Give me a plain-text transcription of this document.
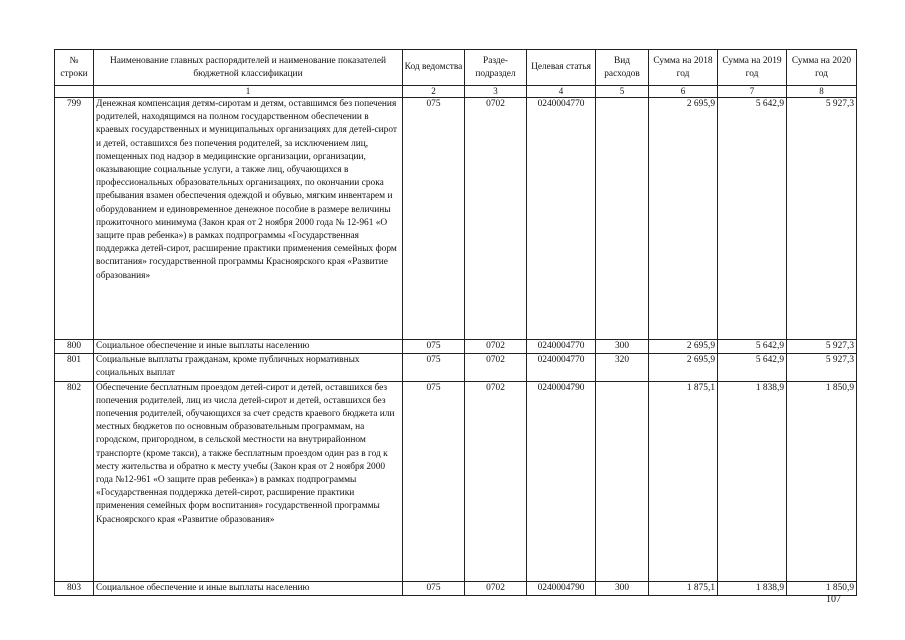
№ строки	Наименование главных распорядителей и наименование показателей бюджетной классификации	Код ведомства	Разде-подраздел	Целевая статья	Вид расходов	Сумма на 2018 год	Сумма на 2019 год	Сумма на 2020 год
	1	2	3	4	5	6	7	8
799	Денежная компенсация детям-сиротам и детям, оставшимся без попечения родителей, находящимся на полном государственном обеспечении в краевых государственных и муниципальных организациях для детей-сирот и детей, оставшихся без попечения родителей, за исключением лиц, помещенных под надзор в медицинские организации, организации, оказывающие социальные услуги, а также лиц, обучающихся в профессиональных образовательных организациях, по окончании срока пребывания взамен обеспечения одеждой и обувью, мягким инвентарем и оборудованием и единовременное денежное пособие в размере величины прожиточного минимума (Закон края от 2 ноября 2000 года № 12-961 «О защите прав ребенка») в рамках подпрограммы «Государственная поддержка детей-сирот, расширение практики применения семейных форм воспитания» государственной программы Красноярского края «Развитие образования»	075	0702	0240004770		2 695,9	5 642,9	5 927,3
800	Социальное обеспечение и иные выплаты населению	075	0702	0240004770	300	2 695,9	5 642,9	5 927,3
801	Социальные выплаты гражданам, кроме публичных нормативных социальных выплат	075	0702	0240004770	320	2 695,9	5 642,9	5 927,3
802	Обеспечение бесплатным проездом детей-сирот и детей, оставшихся без попечения родителей, лиц из числа детей-сирот и детей, оставшихся без попечения родителей, обучающихся за счет средств краевого бюджета или местных бюджетов по основным образовательным программам, на городском, пригородном, в сельской местности на внутрирайонном транспорте (кроме такси), а также бесплатным проездом один раз в год к месту жительства и обратно к месту учебы (Закон края от 2 ноября 2000 года №12-961 «О защите прав ребенка») в рамках подпрограммы «Государственная поддержка детей-сирот, расширение практики применения семейных форм воспитания» государственной программы Красноярского края «Развитие образования»	075	0702	0240004790		1 875,1	1 838,9	1 850,9
803	Социальное обеспечение и иные выплаты населению	075	0702	0240004790	300	1 875,1	1 838,9	1 850,9
107
